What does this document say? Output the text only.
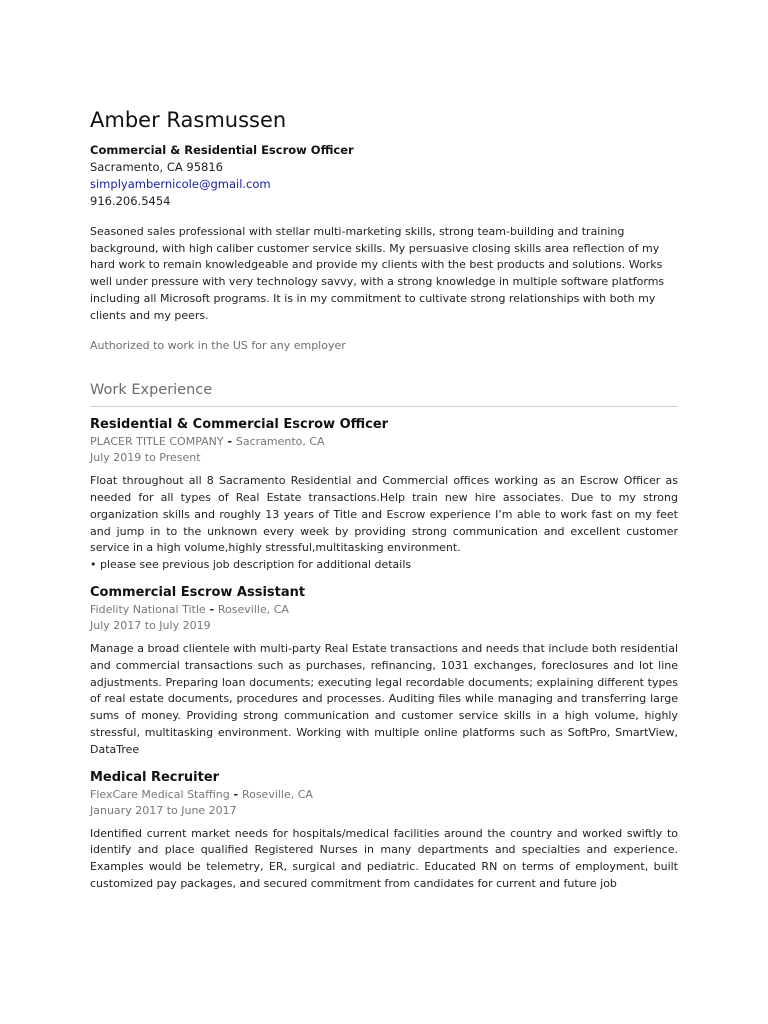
Amber Rasmussen
Commercial & Residential Escrow Officer
Sacramento, CA 95816
simplyambernicole@gmail.com
916.206.5454
Seasoned sales professional with stellar multi-marketing skills, strong team-building and training background, with high caliber customer service skills. My persuasive closing skills area reflection of my hard work to remain knowledgeable and provide my clients with the best products and solutions. Works well under pressure with very technology savvy, with a strong knowledge in multiple software platforms including all Microsoft programs. It is in my commitment to cultivate strong relationships with both my clients and my peers.
Authorized to work in the US for any employer
Work Experience
Residential & Commercial Escrow Officer
PLACER TITLE COMPANY - Sacramento, CA
July 2019 to Present
Float throughout all 8 Sacramento Residential and Commercial offices working as an Escrow Officer as needed for all types of Real Estate transactions.Help train new hire associates. Due to my strong organization skills and roughly 13 years of Title and Escrow experience I’m able to work fast on my feet and jump in to the unknown every week by providing strong communication and excellent customer service in a high volume,highly stressful,multitasking environment.
• please see previous job description for additional details
Commercial Escrow Assistant
Fidelity National Title - Roseville, CA
July 2017 to July 2019
Manage a broad clientele with multi-party Real Estate transactions and needs that include both residential and commercial transactions such as purchases, refinancing, 1031 exchanges, foreclosures and lot line adjustments. Preparing loan documents; executing legal recordable documents; explaining different types of real estate documents, procedures and processes. Auditing files while managing and transferring large sums of money. Providing strong communication and customer service skills in a high volume, highly stressful, multitasking environment. Working with multiple online platforms such as SoftPro, SmartView, DataTree
Medical Recruiter
FlexCare Medical Staffing - Roseville, CA
January 2017 to June 2017
Identified current market needs for hospitals/medical facilities around the country and worked swiftly to identify and place qualified Registered Nurses in many departments and specialties and experience. Examples would be telemetry, ER, surgical and pediatric. Educated RN on terms of employment, built customized pay packages, and secured commitment from candidates for current and future job
